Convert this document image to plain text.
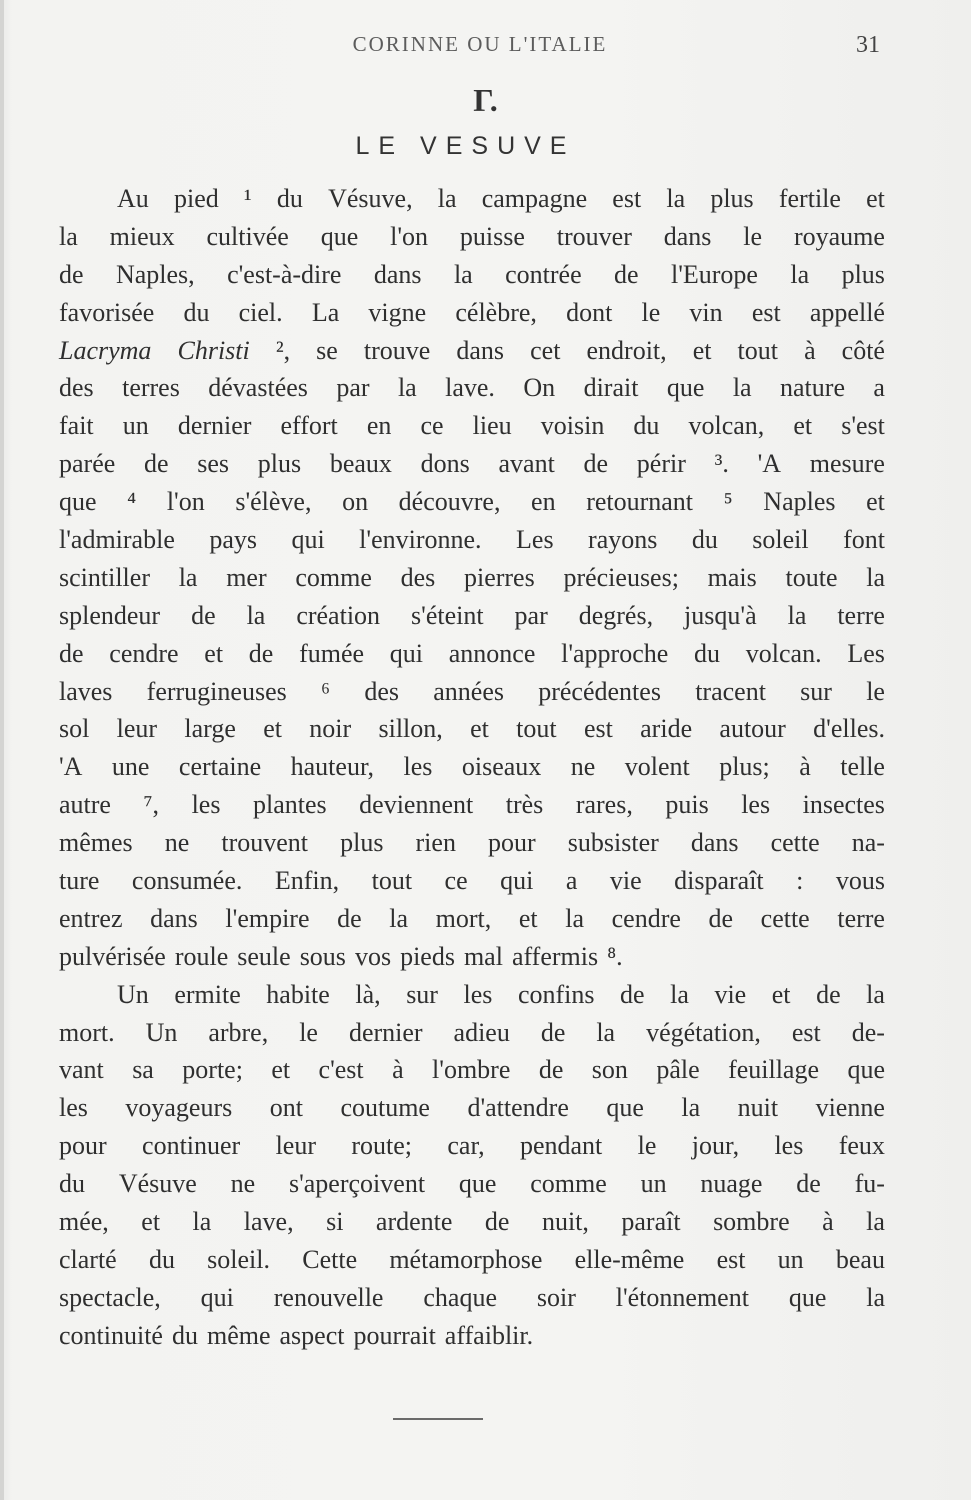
CORINNE OU L'ITALIE	31
Γ.
LE VESUVE
Au pied ¹ du Vésuve, la campagne est la plus fertile et
la mieux cultivée que l'on puisse trouver dans le royaume
de Naples, c'est-à-dire dans la contrée de l'Europe la plus
favorisée du ciel. La vigne célèbre, dont le vin est appellé
Lacryma Christi ², se trouve dans cet endroit, et tout à côté
des terres dévastées par la lave. On dirait que la nature a
fait un dernier effort en ce lieu voisin du volcan, et s'est
parée de ses plus beaux dons avant de périr ³. 'A mesure
que ⁴ l'on s'élève, on découvre, en retournant ⁵ Naples et
l'admirable pays qui l'environne. Les rayons du soleil font
scintiller la mer comme des pierres précieuses; mais toute la
splendeur de la création s'éteint par degrés, jusqu'à la terre
de cendre et de fumée qui annonce l'approche du volcan. Les
laves ferrugineuses ⁶ des années précédentes tracent sur le
sol leur large et noir sillon, et tout est aride autour d'elles.
'A une certaine hauteur, les oiseaux ne volent plus; à telle
autre ⁷, les plantes deviennent très rares, puis les insectes
mêmes ne trouvent plus rien pour subsister dans cette na-
ture consumée. Enfin, tout ce qui a vie disparaît : vous
entrez dans l'empire de la mort, et la cendre de cette terre
pulvérisée roule seule sous vos pieds mal affermis ⁸.
Un ermite habite là, sur les confins de la vie et de la
mort. Un arbre, le dernier adieu de la végétation, est de-
vant sa porte; et c'est à l'ombre de son pâle feuillage que
les voyageurs ont coutume d'attendre que la nuit vienne
pour continuer leur route; car, pendant le jour, les feux
du Vésuve ne s'aperçoivent que comme un nuage de fu-
mée, et la lave, si ardente de nuit, paraît sombre à la
clarté du soleil. Cette métamorphose elle-même est un beau
spectacle, qui renouvelle chaque soir l'étonnement que la
continuité du même aspect pourrait affaiblir.
